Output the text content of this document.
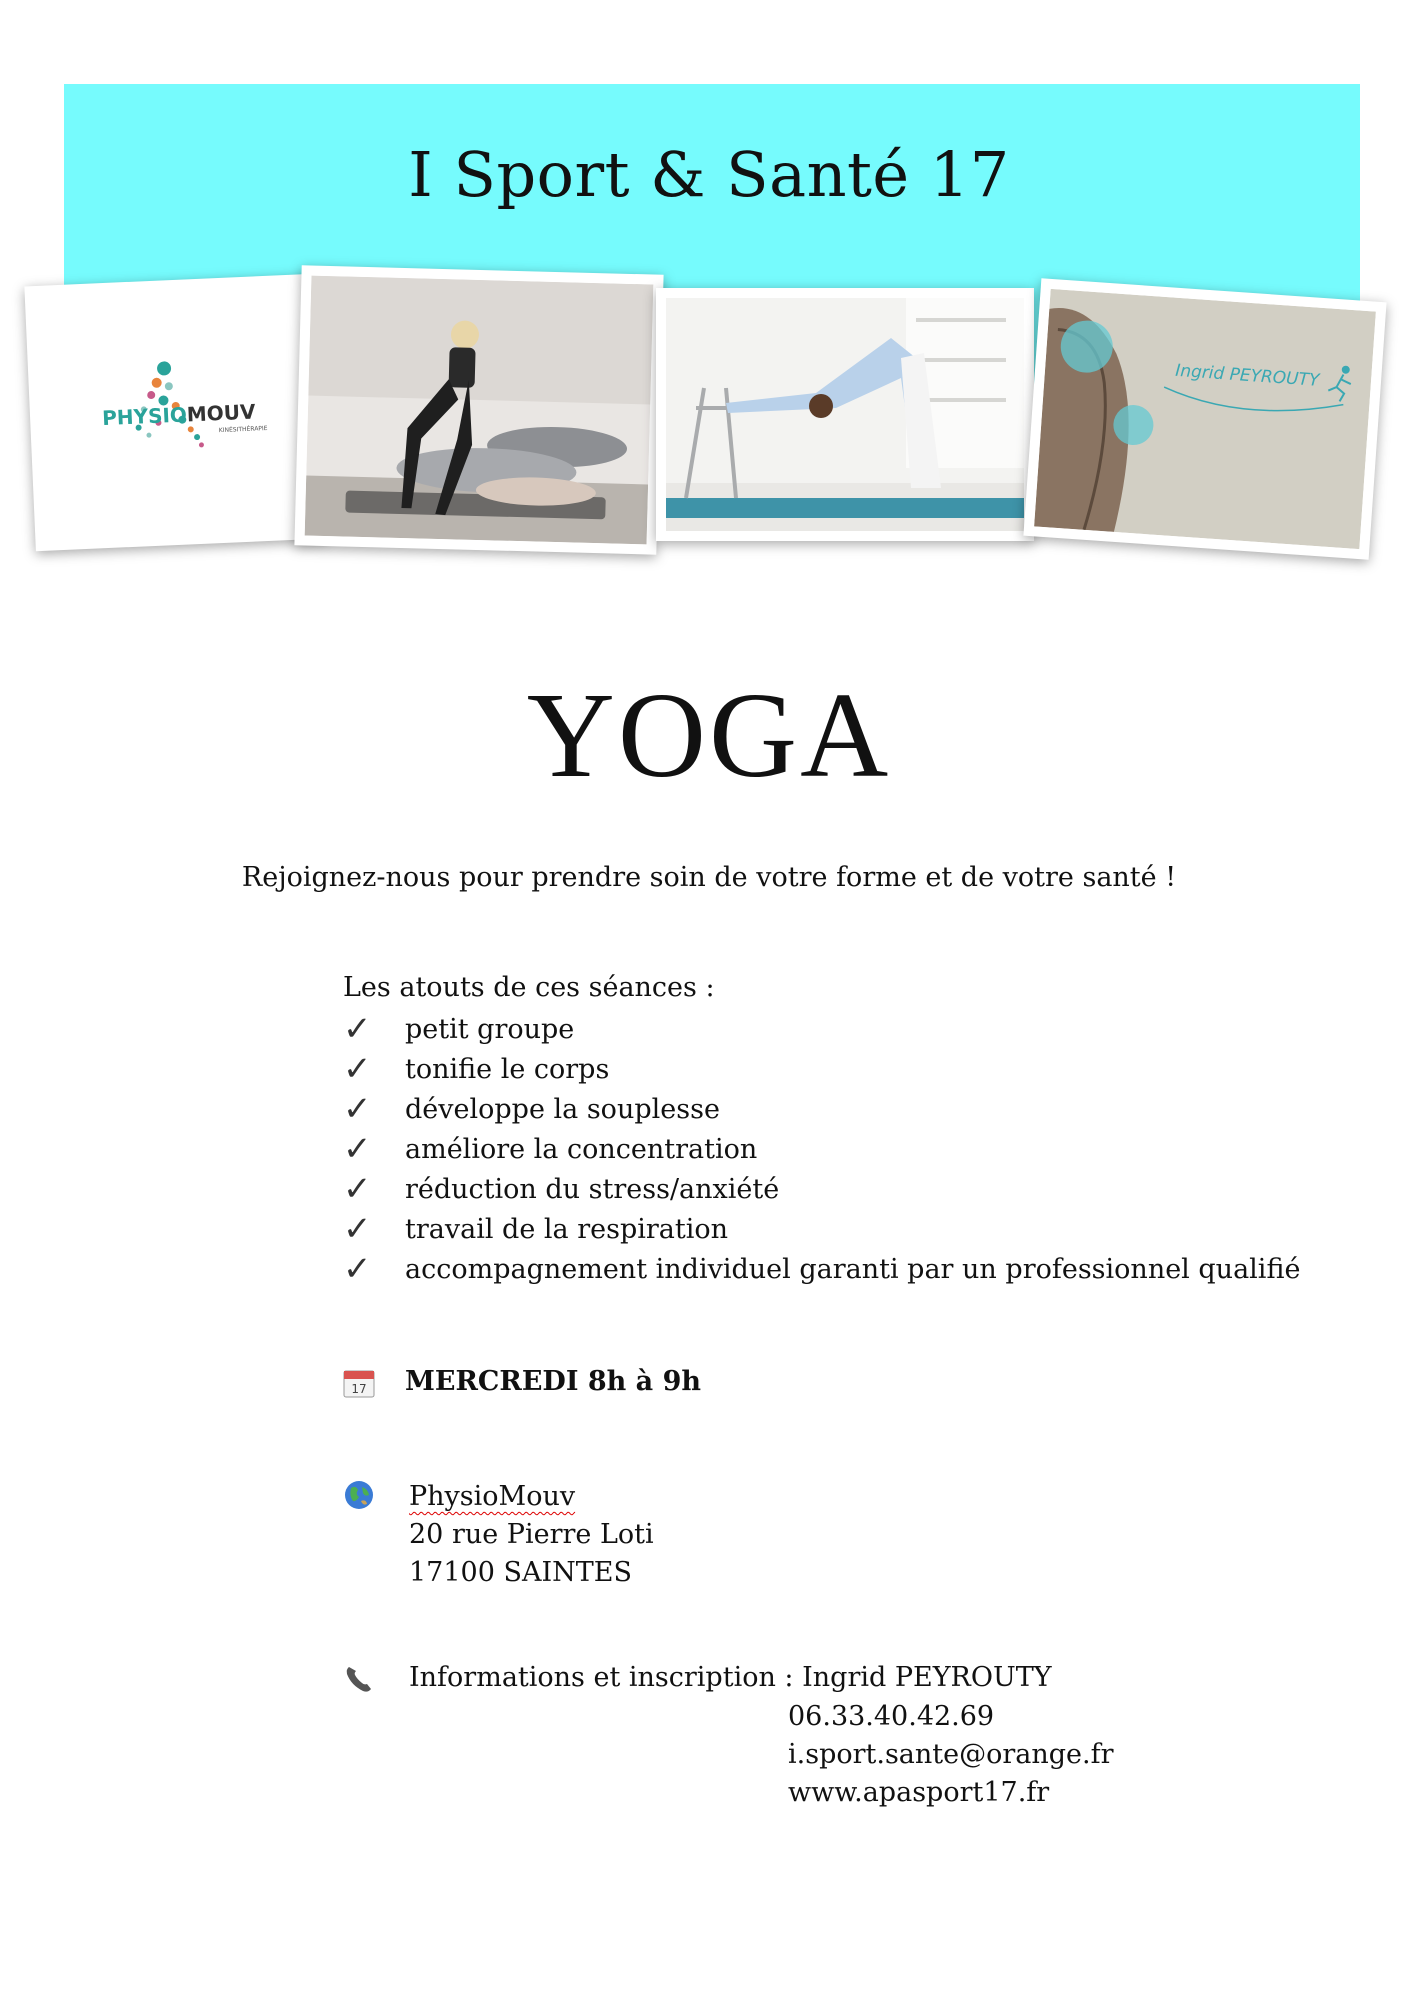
I Sport & Santé 17
PHYSIOMOUV
KINÉSITHÉRAPIE
Ingrid PEYROUTY
YOGA
Rejoignez-nous pour prendre soin de votre forme et de votre santé !
Les atouts de ces séances :
✓	petit groupe
✓	tonifie le corps
✓	développe la souplesse
✓	améliore la concentration
✓	réduction du stress/anxiété
✓	travail de la respiration
✓	accompagnement individuel garanti par un professionnel qualifié
17 MERCREDI 8h à 9h
PhysioMouv
20 rue Pierre Loti
17100 SAINTES
Informations et inscription : Ingrid PEYROUTY
06.33.40.42.69
i.sport.sante@orange.fr
www.apasport17.fr
